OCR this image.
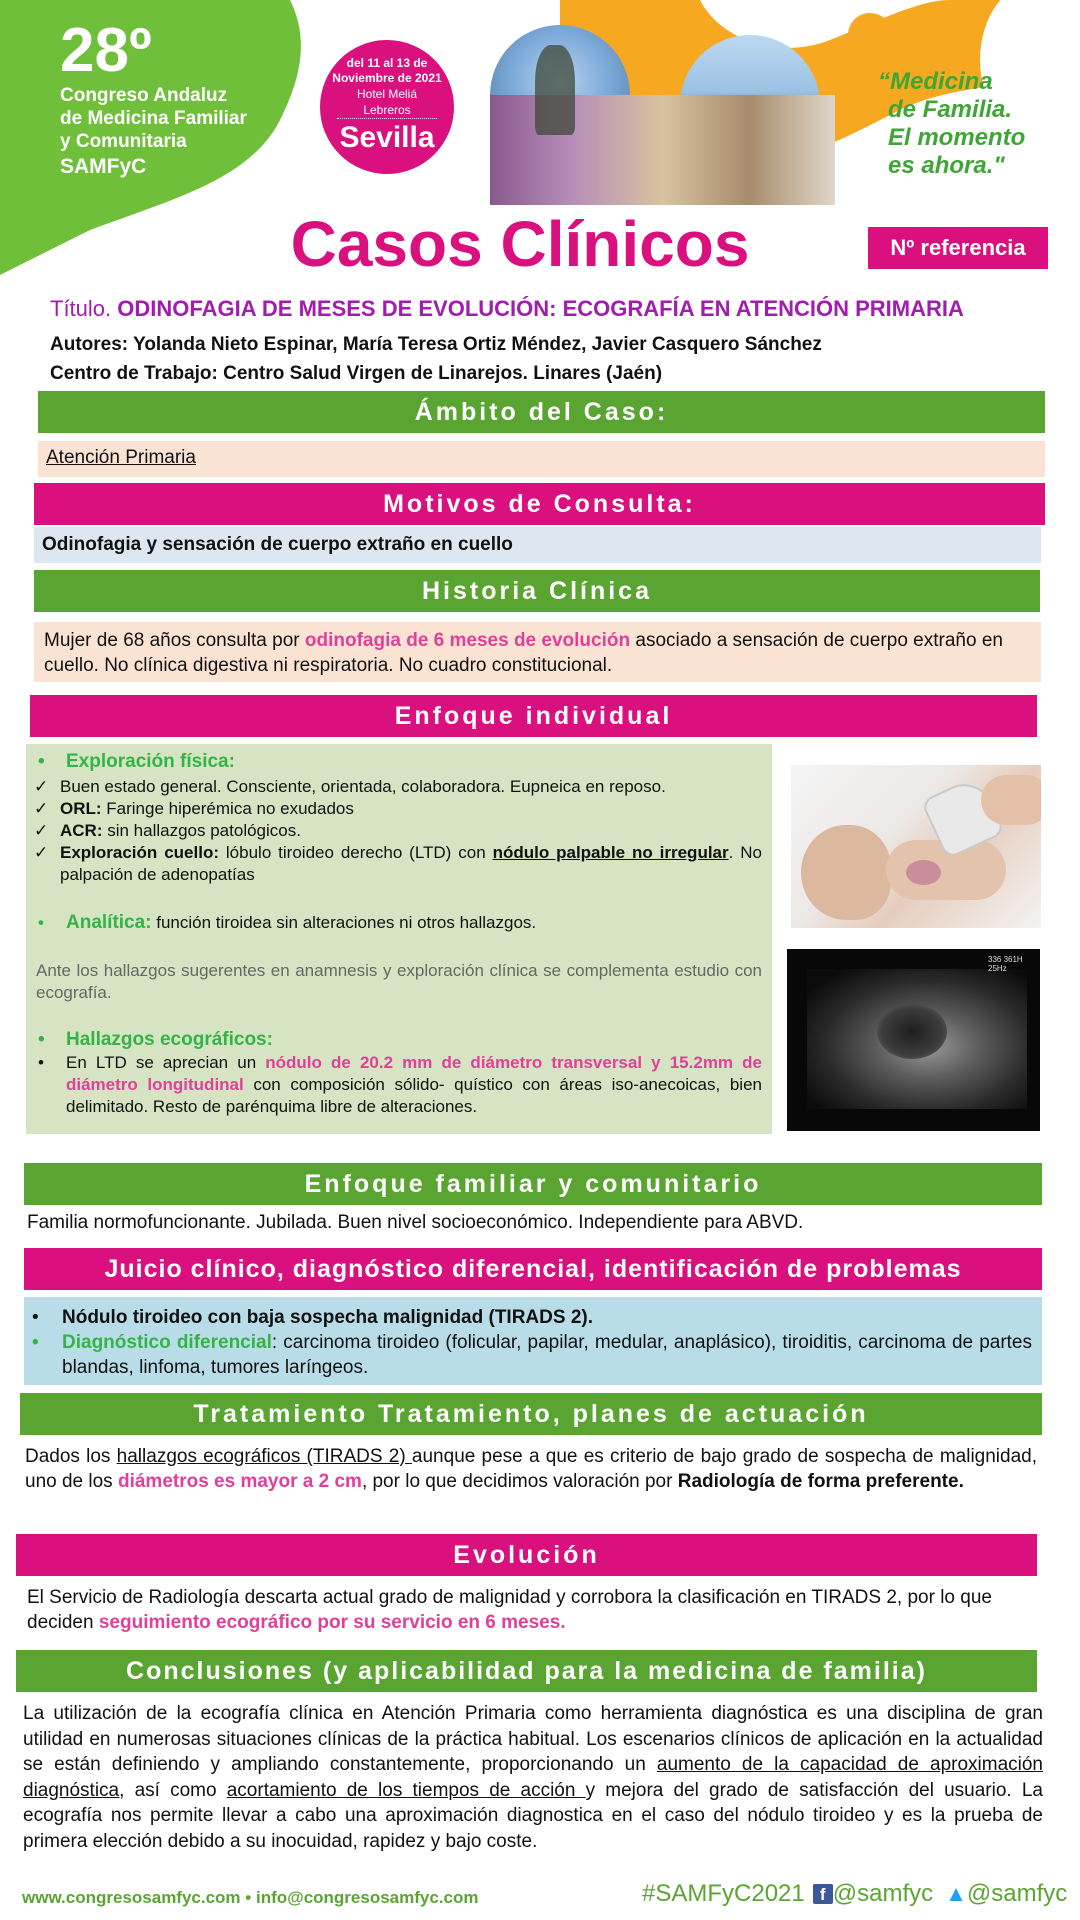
28º
Congreso Andaluz
de Medicina Familiar
y Comunitaria
SAMFyC
del 11 al 13 de
Noviembre de 2021
Hotel Meliá Lebreros
Sevilla
“Medicina
de Familia.
El momento
es ahora."
Casos Clínicos	Nº referencia
Título. ODINOFAGIA DE MESES DE EVOLUCIÓN: ECOGRAFÍA EN ATENCIÓN PRIMARIA
Autores: Yolanda Nieto Espinar, María Teresa Ortiz Méndez, Javier Casquero Sánchez
Centro de Trabajo: Centro Salud Virgen de Linarejos. Linares (Jaén)
Ámbito del Caso:
Atención Primaria
Motivos de Consulta:
Odinofagia y sensación de cuerpo extraño en cuello
Historia Clínica
Mujer de 68 años consulta por odinofagia de 6 meses de evolución asociado a sensación de cuerpo extraño en cuello. No clínica digestiva ni respiratoria. No cuadro constitucional.
Enfoque individual
• Exploración física:
✓ Buen estado general. Consciente, orientada, colaboradora. Eupneica en reposo.
✓ ORL: Faringe hiperémica no exudados
✓ ACR: sin hallazgos patológicos.
✓ Exploración cuello: lóbulo tiroideo derecho (LTD) con nódulo palpable no irregular. No palpación de adenopatías
• Analítica: función tiroidea sin alteraciones ni otros hallazgos.
Ante los hallazgos sugerentes en anamnesis y exploración clínica se complementa estudio con ecografía.
• Hallazgos ecográficos:
• En LTD se aprecian un nódulo de 20.2 mm de diámetro transversal y 15.2mm de diámetro longitudinal con composición sólido- quístico con áreas iso-anecoicas, bien delimitado. Resto de parénquima libre de alteraciones.
336 361H 25Hz
Enfoque familiar y comunitario
Familia normofuncionante. Jubilada. Buen nivel socioeconómico. Independiente para ABVD.
Juicio clínico, diagnóstico diferencial, identificación de problemas
• Nódulo tiroideo con baja sospecha malignidad (TIRADS 2).
• Diagnóstico diferencial: carcinoma tiroideo (folicular, papilar, medular, anaplásico), tiroiditis, carcinoma de partes blandas, linfoma, tumores laríngeos.
Tratamiento Tratamiento, planes de actuación
Dados los hallazgos ecográficos (TIRADS 2) aunque pese a que es criterio de bajo grado de sospecha de malignidad, uno de los diámetros es mayor a 2 cm, por lo que decidimos valoración por Radiología de forma preferente.
Evolución
El Servicio de Radiología descarta actual grado de malignidad y corrobora la clasificación en TIRADS 2, por lo que deciden seguimiento ecográfico por su servicio en 6 meses.
Conclusiones (y aplicabilidad para la medicina de familia)
La utilización de la ecografía clínica en Atención Primaria como herramienta diagnóstica es una disciplina de gran utilidad en numerosas situaciones clínicas de la práctica habitual. Los escenarios clínicos de aplicación en la actualidad se están definiendo y ampliando constantemente, proporcionando un aumento de la capacidad de aproximación diagnóstica, así como acortamiento de los tiempos de acción y mejora del grado de satisfacción del usuario. La ecografía nos permite llevar a cabo una aproximación diagnostica en el caso del nódulo tiroideo y es la prueba de primera elección debido a su inocuidad, rapidez y bajo coste.
www.congresosamfyc.com • info@congresosamfyc.com	#SAMFyC2021 f @samfyc ▲ @samfyc
